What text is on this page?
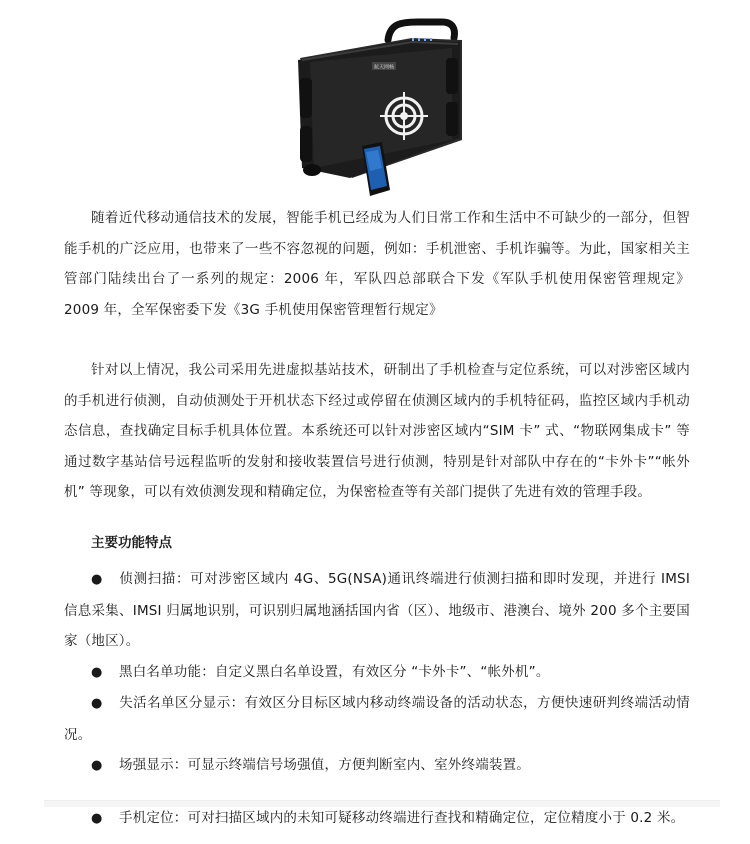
航天网畅

随着近代移动通信技术的发展，智能手机已经成为人们日常工作和生活中不可缺少的一部分，但智能手机的广泛应用，也带来了一些不容忽视的问题，例如：手机泄密、手机诈骗等。为此，国家相关主管部门陆续出台了一系列的规定：2006 年，军队四总部联合下发《军队手机使用保密管理规定》 2009 年，全军保密委下发《3G 手机使用保密管理暂行规定》

针对以上情况，我公司采用先进虚拟基站技术，研制出了手机检查与定位系统，可以对涉密区域内的手机进行侦测，自动侦测处于开机状态下经过或停留在侦测区域内的手机特征码，监控区域内手机动态信息，查找确定目标手机具体位置。本系统还可以针对涉密区域内“SIM 卡” 式、“物联网集成卡” 等通过数字基站信号远程监听的发射和接收装置信号进行侦测，特别是针对部队中存在的“卡外卡”“帐外机” 等现象，可以有效侦测发现和精确定位，为保密检查等有关部门提供了先进有效的管理手段。

主要功能特点

● 侦测扫描：可对涉密区域内 4G、5G(NSA)通讯终端进行侦测扫描和即时发现，并进行 IMSI 信息采集、IMSI 归属地识别，可识别归属地涵括国内省（区）、地级市、港澳台、境外 200 多个主要国家（地区）。

● 黑白名单功能：自定义黑白名单设置，有效区分 “卡外卡”、“帐外机”。

● 失活名单区分显示：有效区分目标区域内移动终端设备的活动状态，方便快速研判终端活动情况。

● 场强显示：可显示终端信号场强值，方便判断室内、室外终端装置。

● 手机定位：可对扫描区域内的未知可疑移动终端进行查找和精确定位，定位精度小于 0.2 米。
